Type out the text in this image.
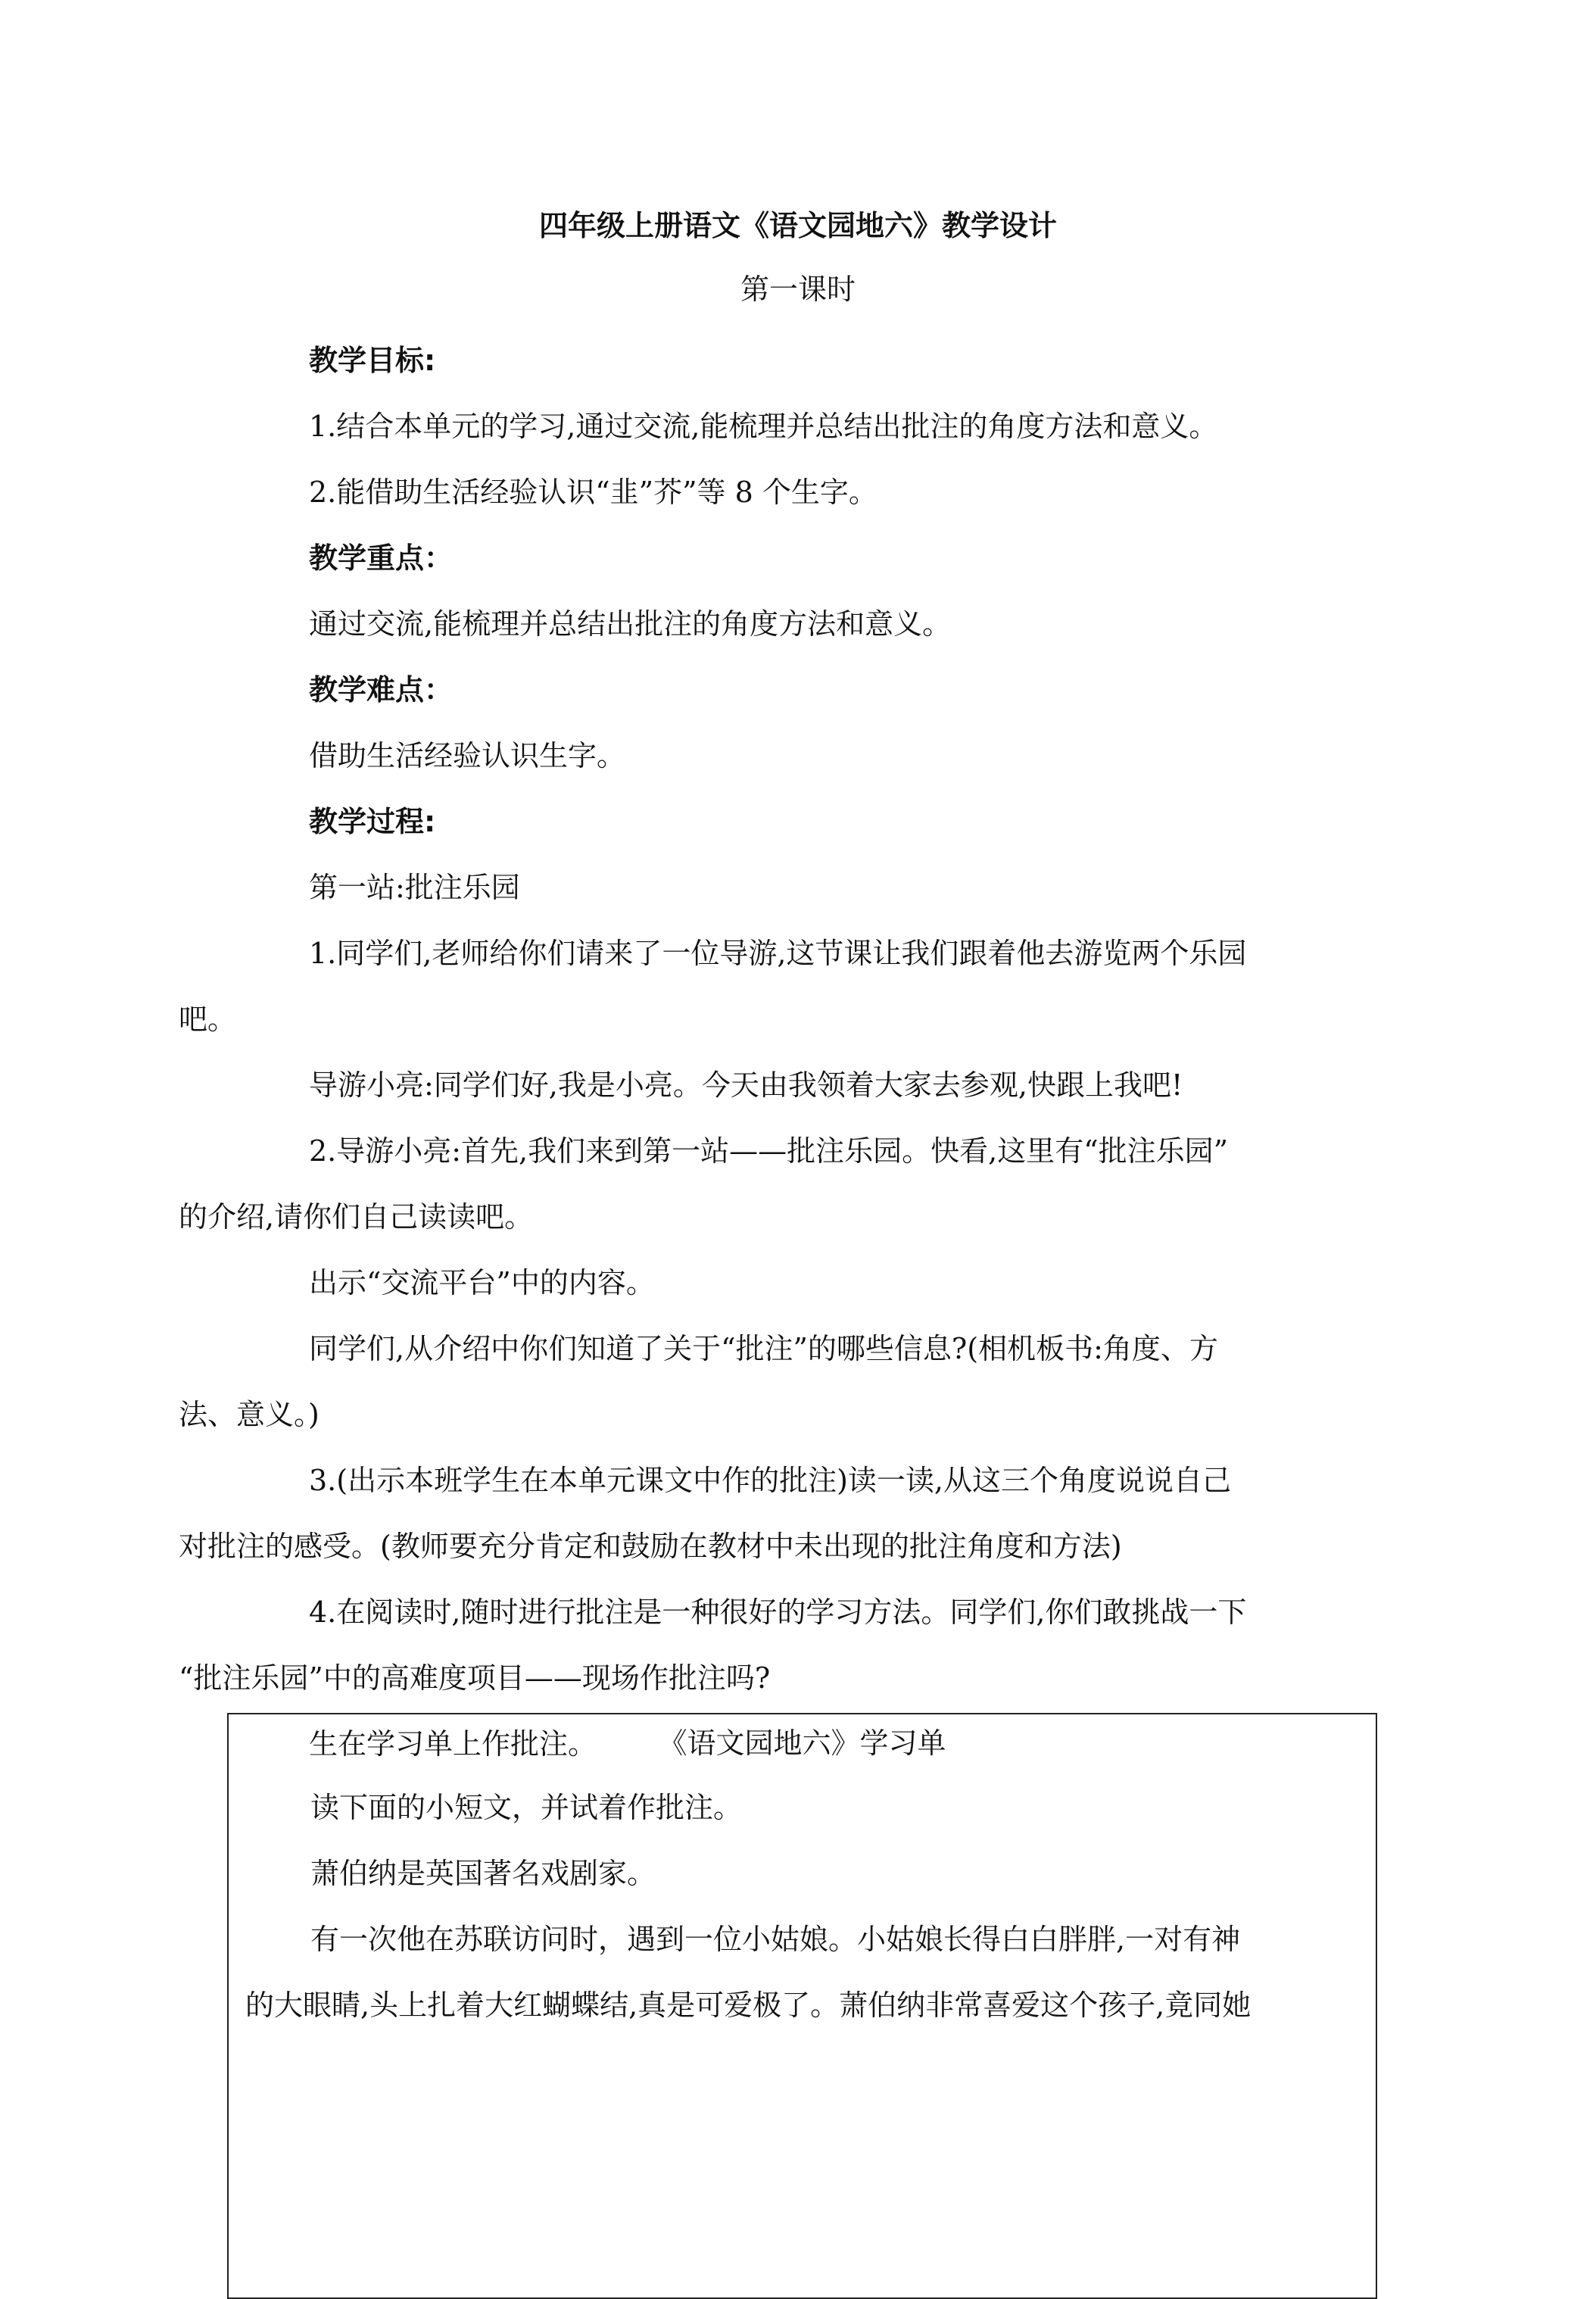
四年级上册语文《语文园地六》教学设计
第一课时
教学目标:
1.结合本单元的学习,通过交流,能梳理并总结出批注的角度方法和意义。
2.能借助生活经验认识“韭”芥”等 8 个生字。
教学重点：
通过交流,能梳理并总结出批注的角度方法和意义。
教学难点：
借助生活经验认识生字。
教学过程:
第一站:批注乐园
1.同学们,老师给你们请来了一位导游,这节课让我们跟着他去游览两个乐园
吧。
导游小亮:同学们好,我是小亮。今天由我领着大家去参观,快跟上我吧!
2.导游小亮:首先,我们来到第一站——批注乐园。快看,这里有“批注乐园”
的介绍,请你们自己读读吧。
出示“交流平台”中的内容。
同学们,从介绍中你们知道了关于“批注”的哪些信息?(相机板书:角度、方
法、意义。)
3.(出示本班学生在本单元课文中作的批注)读一读,从这三个角度说说自己
对批注的感受。(教师要充分肯定和鼓励在教材中未出现的批注角度和方法)
4.在阅读时,随时进行批注是一种很好的学习方法。同学们,你们敢挑战一下
“批注乐园”中的高难度项目——现场作批注吗?
生在学习单上作批注。	《语文园地六》学习单
读下面的小短文，并试着作批注。
萧伯纳是英国著名戏剧家。
有一次他在苏联访问时，遇到一位小姑娘。小姑娘长得白白胖胖,一对有神
的大眼睛,头上扎着大红蝴蝶结,真是可爱极了。萧伯纳非常喜爱这个孩子,竟同她
